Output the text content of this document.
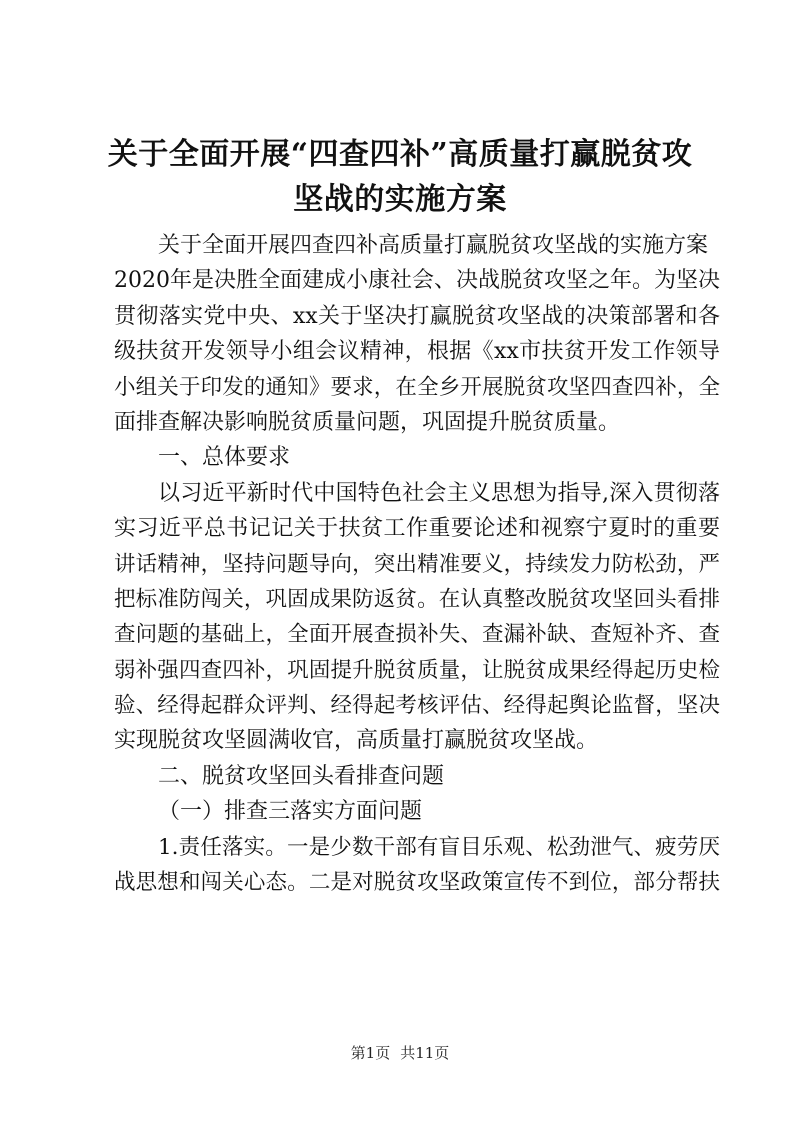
关于全面开展“四查四补”高质量打赢脱贫攻
坚战的实施方案
关于全面开展四查四补高质量打赢脱贫攻坚战的实施方案
2020年是决胜全面建成小康社会、决战脱贫攻坚之年。为坚决
贯彻落实党中央、xx关于坚决打赢脱贫攻坚战的决策部署和各
级扶贫开发领导小组会议精神，根据《xx市扶贫开发工作领导
小组关于印发的通知》要求，在全乡开展脱贫攻坚四查四补，全
面排查解决影响脱贫质量问题，巩固提升脱贫质量。
一、总体要求
以习近平新时代中国特色社会主义思想为指导,深入贯彻落
实习近平总书记记关于扶贫工作重要论述和视察宁夏时的重要
讲话精神，坚持问题导向，突出精准要义，持续发力防松劲，严
把标准防闯关，巩固成果防返贫。在认真整改脱贫攻坚回头看排
查问题的基础上，全面开展查损补失、查漏补缺、查短补齐、查
弱补强四查四补，巩固提升脱贫质量，让脱贫成果经得起历史检
验、经得起群众评判、经得起考核评估、经得起舆论监督，坚决
实现脱贫攻坚圆满收官，高质量打赢脱贫攻坚战。
二、脱贫攻坚回头看排查问题
（一）排查三落实方面问题
1.责任落实。一是少数干部有盲目乐观、松劲泄气、疲劳厌
战思想和闯关心态。二是对脱贫攻坚政策宣传不到位，部分帮扶
第1页 共11页
